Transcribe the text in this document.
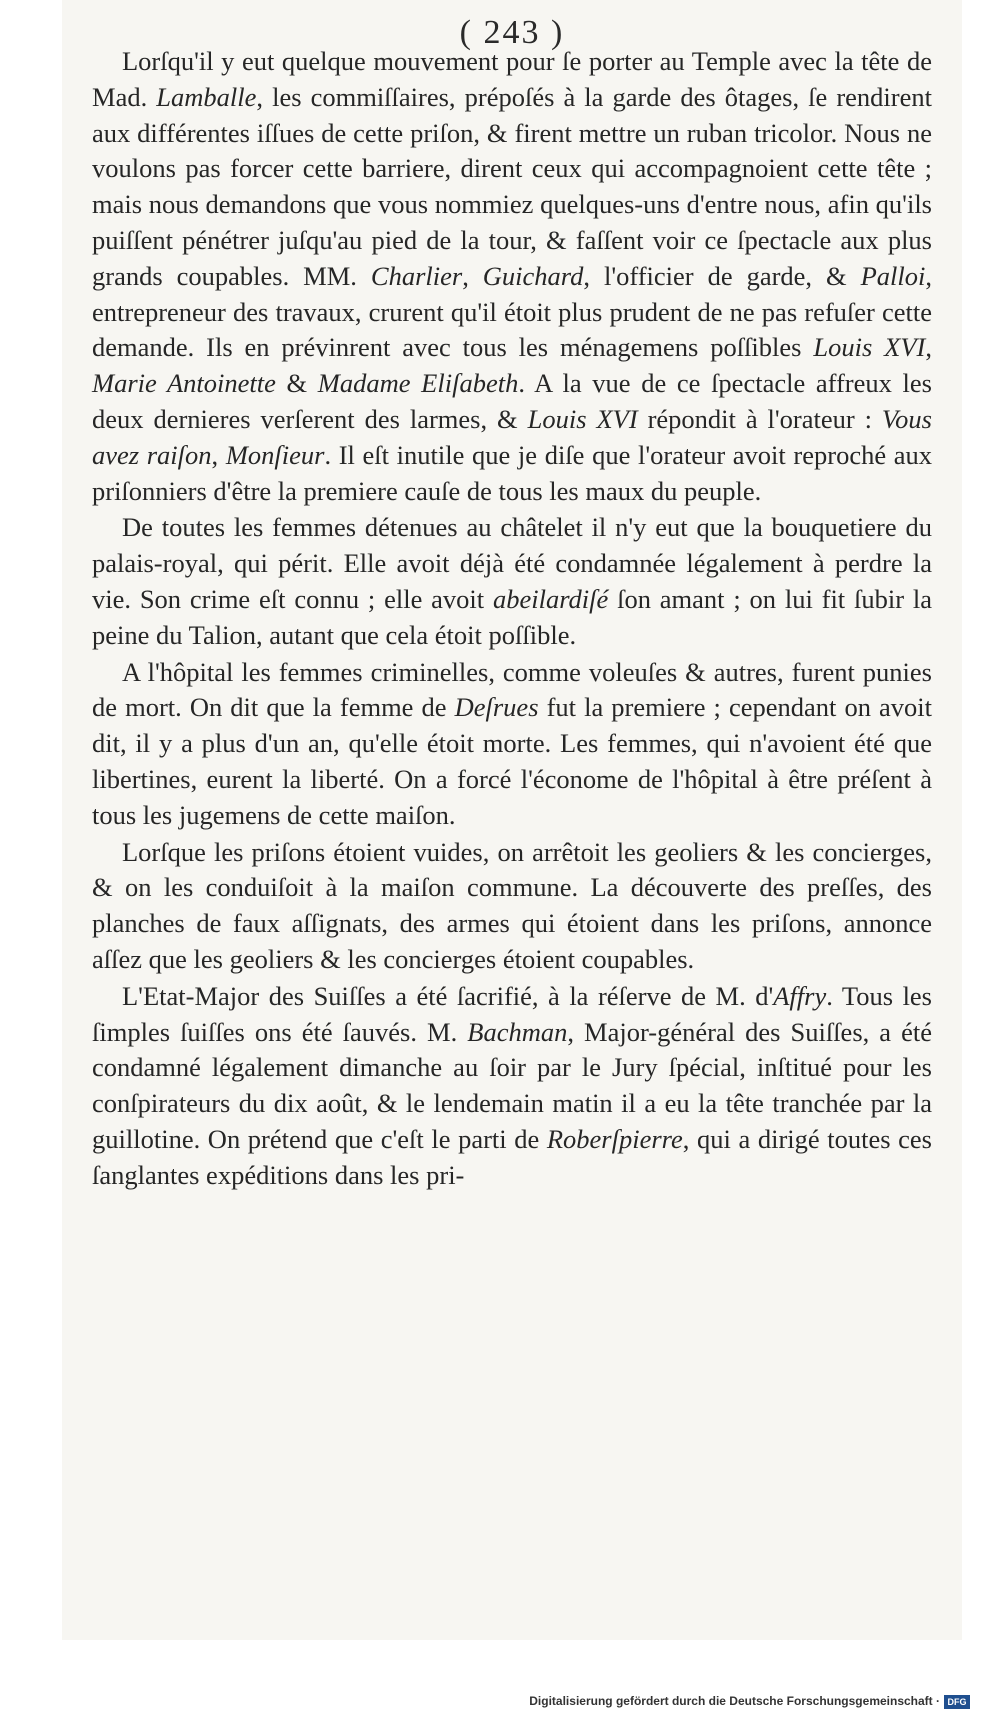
( 243 )

Lorſqu'il y eut quelque mouvement pour ſe porter au Temple avec la tête de Mad. Lamballe, les commiſſaires, prépoſés à la garde des ôtages, ſe rendirent aux différentes iſſues de cette priſon, & firent mettre un ruban tricolor. Nous ne voulons pas forcer cette barriere, dirent ceux qui accompagnoient cette tête ; mais nous demandons que vous nommiez quelques-uns d'entre nous, afin qu'ils puiſſent pénétrer juſqu'au pied de la tour, & faſſent voir ce ſpectacle aux plus grands coupables. MM. Charlier, Guichard, l'officier de garde, & Palloi, entrepreneur des travaux, crurent qu'il étoit plus prudent de ne pas refuſer cette demande. Ils en prévinrent avec tous les ménagemens poſſibles Louis XVI, Marie Antoinette & Madame Eliſabeth. A la vue de ce ſpectacle affreux les deux dernieres verſerent des larmes, & Louis XVI répondit à l'orateur : Vous avez raiſon, Monſieur. Il eſt inutile que je diſe que l'orateur avoit reproché aux priſonniers d'être la premiere cauſe de tous les maux du peuple.

De toutes les femmes détenues au châtelet il n'y eut que la bouquetiere du palais-royal, qui périt. Elle avoit déjà été condamnée légalement à perdre la vie. Son crime eſt connu ; elle avoit abeilardiſé ſon amant ; on lui fit ſubir la peine du Talion, autant que cela étoit poſſible.

A l'hôpital les femmes criminelles, comme voleuſes & autres, furent punies de mort. On dit que la femme de Deſrues fut la premiere ; cependant on avoit dit, il y a plus d'un an, qu'elle étoit morte. Les femmes, qui n'avoient été que libertines, eurent la liberté. On a forcé l'économe de l'hôpital à être préſent à tous les jugemens de cette maiſon.

Lorſque les priſons étoient vuides, on arrêtoit les geoliers & les concierges, & on les conduiſoit à la maiſon commune. La découverte des preſſes, des planches de faux aſſignats, des armes qui étoient dans les priſons, annonce aſſez que les geoliers & les concierges étoient coupables.

L'Etat-Major des Suiſſes a été ſacrifié, à la réſerve de M. d'Affry. Tous les ſimples ſuiſſes ons été ſauvés. M. Bachman, Major-général des Suiſſes, a été condamné légalement dimanche au ſoir par le Jury ſpécial, inſtitué pour les conſpirateurs du dix août, & le lendemain matin il a eu la tête tranchée par la guillotine. On prétend que c'eſt le parti de Roberſpierre, qui a dirigé toutes ces ſanglantes expéditions dans les pri-

Digitalisierung gefördert durch die Deutsche Forschungsgemeinschaft · DFG
